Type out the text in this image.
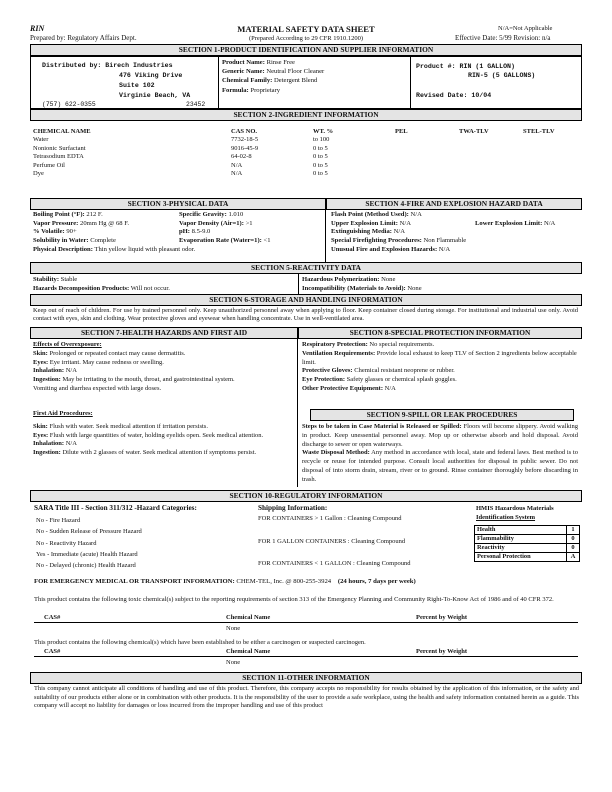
RIN
Prepared by: Regulatory Affairs Dept.
MATERIAL SAFETY DATA SHEET
(Prepared According to 29 CFR 1910.1200)
N/A=Not Applicable
Effective Date: 5/99 Revision: n/a
SECTION 1-PRODUCT IDENTIFICATION AND SUPPLIER INFORMATION
Distributed by: Birech Industries
476 Viking Drive
Suite 102
Virginie Beach, VA
(757) 622-0355	23452
Product Name: Rinse Free
Generic Name: Neutral Floor Cleaner
Chemical Family: Detergent Blend
Formula: Proprietary
Product #: RIN (1 GALLON)
RIN-5 (5 GALLONS)
Revised Date: 10/04
SECTION 2-INGREDIENT INFORMATION
CHEMICAL NAME	CAS NO.	WT. %	PEL	TWA-TLV	STEL-TLV
Water	7732-18-5	to 100			
Nonionic Surfactant	9016-45-9	0 to 5			
Tetrasodium EDTA	64-02-8	0 to 5			
Perfume Oil	N/A	0 to 5			
Dye	N/A	0 to 5			
SECTION 3-PHYSICAL DATA	SECTION 4-FIRE AND EXPLOSION HAZARD DATA
Boiling Point (°F): 212 F.	Specific Gravity: 1.010
Vapor Pressure: 20mm Hg @ 68 F.	Vapor Density (Air=1): >1
% Volatile: 90+	pH: 8.5-9.0
Solubility in Water: Complete	Evaporation Rate (Water=1): <1
Physical Description: Thin yellow liquid with pleasant odor.
Flash Point (Method Used): N/A
Upper Explosion Limit: N/A	Lower Explosion Limit: N/A
Extinguishing Media: N/A
Special Firefighting Procedures: Non Flammable
Unusual Fire and Explosion Hazards: N/A
SECTION 5-REACTIVITY DATA
Stability: Stable
Hazards Decomposition Products: Will not occur.
Hazardous Polymerization: None
Incompatibility (Materials to Avoid): None
SECTION 6-STORAGE AND HANDLING INFORMATION
Keep out of reach of children. For use by trained personnel only. Keep unauthorized personnel away when applying to floor. Keep container closed during storage. For institutional and industrial use only. Avoid contact with eyes, skin and clothing. Wear protective gloves and eyewear when handling concentrate. Use in well-ventilated area.
SECTION 7-HEALTH HAZARDS AND FIRST AID	SECTION 8-SPECIAL PROTECTION INFORMATION
Effects of Overexposure:
Skin: Prolonged or repeated contact may cause dermatitis.
Eyes: Eye irritant. May cause redness or swelling.
Inhalation: N/A
Ingestion: May be irritating to the mouth, throat, and gastrointestinal system.
Vomiting and diarrhea expected with large doses.
First Aid Procedures:
Skin: Flush with water. Seek medical attention if irritation persists.
Eyes: Flush with large quantities of water, holding eyelids open. Seek medical attention.
Inhalation: N/A
Ingestion: Dilute with 2 glasses of water. Seek medical attention if symptoms persist.
Respiratory Protection: No special requirements.
Ventilation Requirements: Provide local exhaust to keep TLV of Section 2 ingredients below acceptable limit.
Protective Gloves: Chemical resistant neoprene or rubber.
Eye Protection: Safety glasses or chemical splash goggles.
Other Protective Equipment: N/A
SECTION 9-SPILL OR LEAK PROCEDURES
Steps to be taken in Case Material is Released or Spilled: Floors will become slippery. Avoid walking in product. Keep unessential personnel away. Mop up or otherwise absorb and hold disposal. Avoid discharge to sewer or open waterways.
Waste Disposal Method: Any method in accordance with local, state and federal laws. Best method is to recycle or reuse for intended purpose. Consult local authorities for disposal in public sewer. Do not disposal of into storm drain, stream, river or to ground. Rinse container thoroughly before discarding in trash.
SECTION 10-REGULATORY INFORMATION
SARA Title III - Section 311/312 -Hazard Categories:
No - Fire Hazard
No - Sudden Release of Pressure Hazard
No - Reactivity Hazard
Yes - Immediate (acute) Health Hazard
No - Delayed (chronic) Health Hazard
Shipping Information:
FOR CONTAINERS > 1 Gallon : Cleaning Compound
FOR 1 GALLON CONTAINERS : Cleaning Compound
FOR CONTAINERS < 1 GALLON : Cleaning Compound
HMIS Hazardous Materials
Identification System
Health	1
Flammability	0
Reactivity	0
Personal Protection	A
FOR EMERGENCY MEDICAL OR TRANSPORT INFORMATION: CHEM-TEL, Inc. @ 800-255-3924 (24 hours, 7 days per week)
This product contains the following toxic chemical(s) subject to the reporting requirements of section 313 of the Emergency Planning and Community Right-To-Know Act of 1986 and of 40 CFR 372.
CAS#	Chemical Name	Percent by Weight
None
This product contains the following chemical(s) which have been established to be either a carcinogen or suspected carcinogen.
CAS#	Chemical Name	Percent by Weight
None
SECTION 11-OTHER INFORMATION
This company cannot anticipate all conditions of handling and use of this product. Therefore, this company accepts no responsibility for results obtained by the application of this information, or the safety and suitability of our products either alone or in combination with other products. It is the responsibility of the user to provide a safe workplace, using the health and safety information contained herein as a guide. This company will accept no liability for damages or loss incurred from the improper handling and use of this product
